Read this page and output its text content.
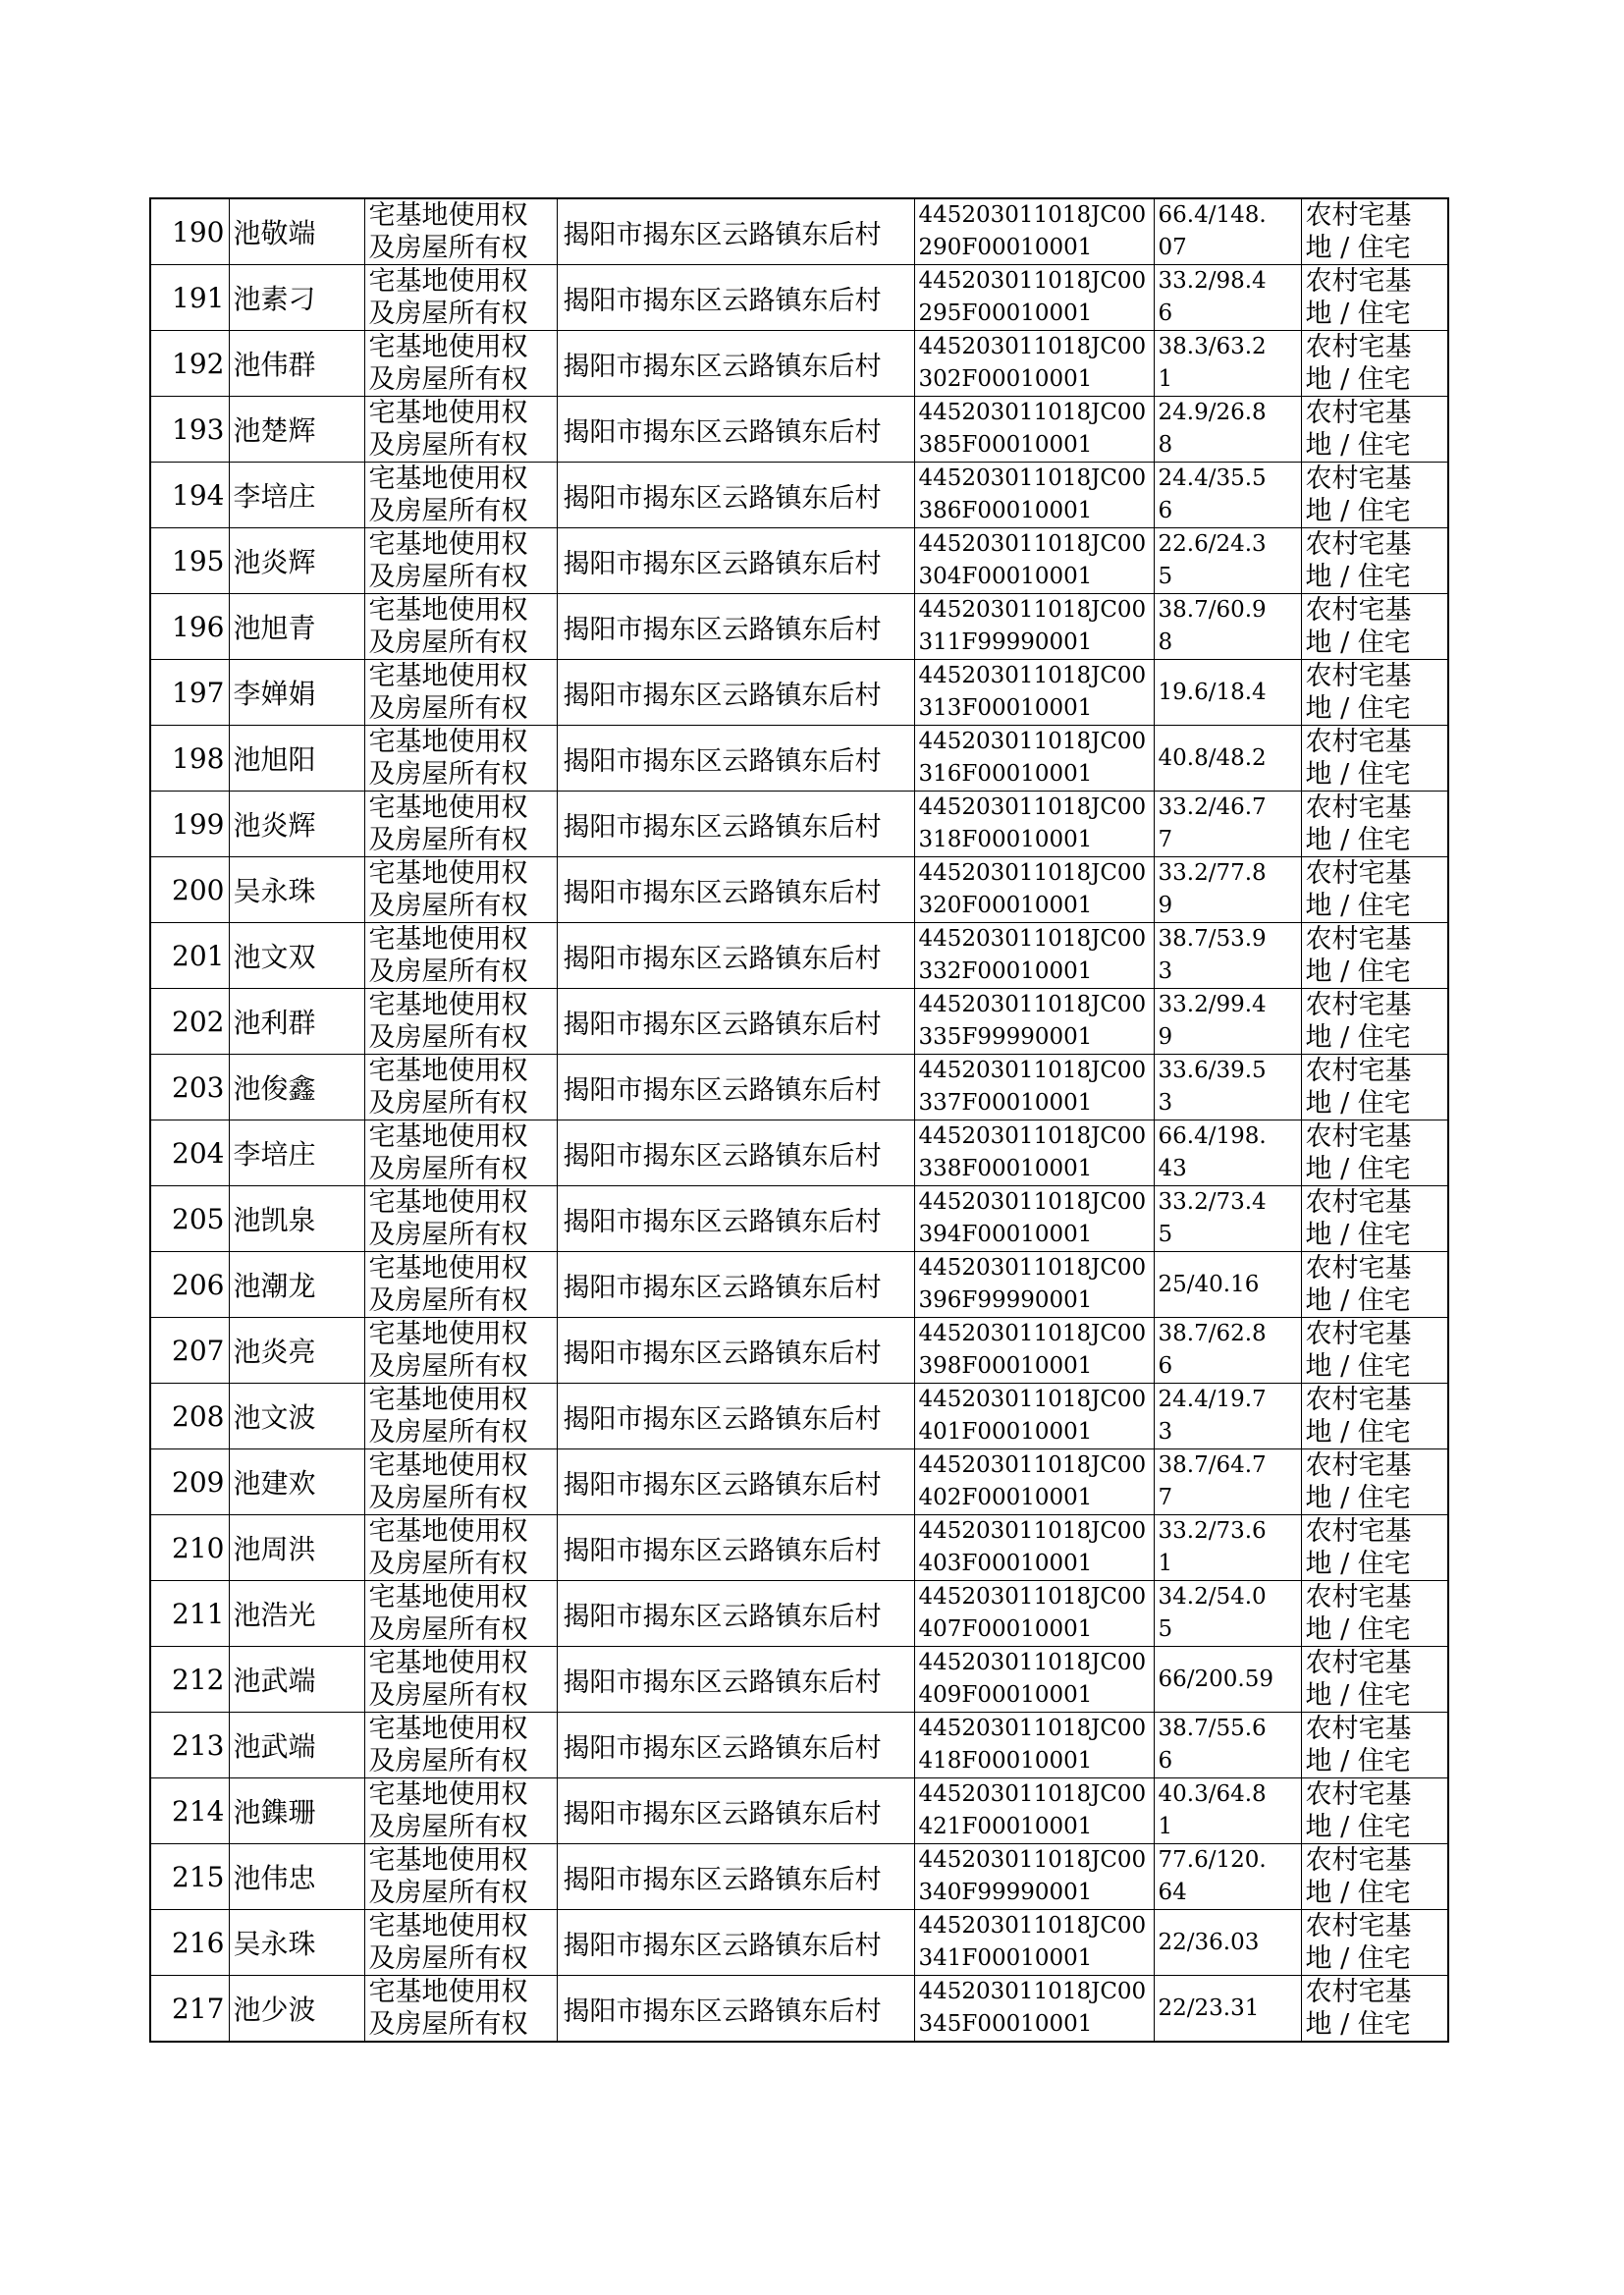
190	池敬端	宅基地使用权
及房屋所有权	揭阳市揭东区云路镇东后村	445203011018JC00
290F00010001	66.4/148.
07	农村宅基
地 / 住宅

191	池素刁	宅基地使用权
及房屋所有权	揭阳市揭东区云路镇东后村	445203011018JC00
295F00010001	33.2/98.4
6	农村宅基
地 / 住宅

192	池伟群	宅基地使用权
及房屋所有权	揭阳市揭东区云路镇东后村	445203011018JC00
302F00010001	38.3/63.2
1	农村宅基
地 / 住宅

193	池楚辉	宅基地使用权
及房屋所有权	揭阳市揭东区云路镇东后村	445203011018JC00
385F00010001	24.9/26.8
8	农村宅基
地 / 住宅

194	李培庄	宅基地使用权
及房屋所有权	揭阳市揭东区云路镇东后村	445203011018JC00
386F00010001	24.4/35.5
6	农村宅基
地 / 住宅

195	池炎辉	宅基地使用权
及房屋所有权	揭阳市揭东区云路镇东后村	445203011018JC00
304F00010001	22.6/24.3
5	农村宅基
地 / 住宅

196	池旭青	宅基地使用权
及房屋所有权	揭阳市揭东区云路镇东后村	445203011018JC00
311F99990001	38.7/60.9
8	农村宅基
地 / 住宅

197	李婵娟	宅基地使用权
及房屋所有权	揭阳市揭东区云路镇东后村	445203011018JC00
313F00010001	19.6/18.4	农村宅基
地 / 住宅

198	池旭阳	宅基地使用权
及房屋所有权	揭阳市揭东区云路镇东后村	445203011018JC00
316F00010001	40.8/48.2	农村宅基
地 / 住宅

199	池炎辉	宅基地使用权
及房屋所有权	揭阳市揭东区云路镇东后村	445203011018JC00
318F00010001	33.2/46.7
7	农村宅基
地 / 住宅

200	吴永珠	宅基地使用权
及房屋所有权	揭阳市揭东区云路镇东后村	445203011018JC00
320F00010001	33.2/77.8
9	农村宅基
地 / 住宅

201	池文双	宅基地使用权
及房屋所有权	揭阳市揭东区云路镇东后村	445203011018JC00
332F00010001	38.7/53.9
3	农村宅基
地 / 住宅

202	池利群	宅基地使用权
及房屋所有权	揭阳市揭东区云路镇东后村	445203011018JC00
335F99990001	33.2/99.4
9	农村宅基
地 / 住宅

203	池俊鑫	宅基地使用权
及房屋所有权	揭阳市揭东区云路镇东后村	445203011018JC00
337F00010001	33.6/39.5
3	农村宅基
地 / 住宅

204	李培庄	宅基地使用权
及房屋所有权	揭阳市揭东区云路镇东后村	445203011018JC00
338F00010001	66.4/198.
43	农村宅基
地 / 住宅

205	池凯泉	宅基地使用权
及房屋所有权	揭阳市揭东区云路镇东后村	445203011018JC00
394F00010001	33.2/73.4
5	农村宅基
地 / 住宅

206	池潮龙	宅基地使用权
及房屋所有权	揭阳市揭东区云路镇东后村	445203011018JC00
396F99990001	25/40.16	农村宅基
地 / 住宅

207	池炎亮	宅基地使用权
及房屋所有权	揭阳市揭东区云路镇东后村	445203011018JC00
398F00010001	38.7/62.8
6	农村宅基
地 / 住宅

208	池文波	宅基地使用权
及房屋所有权	揭阳市揭东区云路镇东后村	445203011018JC00
401F00010001	24.4/19.7
3	农村宅基
地 / 住宅

209	池建欢	宅基地使用权
及房屋所有权	揭阳市揭东区云路镇东后村	445203011018JC00
402F00010001	38.7/64.7
7	农村宅基
地 / 住宅

210	池周洪	宅基地使用权
及房屋所有权	揭阳市揭东区云路镇东后村	445203011018JC00
403F00010001	33.2/73.6
1	农村宅基
地 / 住宅

211	池浩光	宅基地使用权
及房屋所有权	揭阳市揭东区云路镇东后村	445203011018JC00
407F00010001	34.2/54.0
5	农村宅基
地 / 住宅

212	池武端	宅基地使用权
及房屋所有权	揭阳市揭东区云路镇东后村	445203011018JC00
409F00010001	66/200.59	农村宅基
地 / 住宅

213	池武端	宅基地使用权
及房屋所有权	揭阳市揭东区云路镇东后村	445203011018JC00
418F00010001	38.7/55.6
6	农村宅基
地 / 住宅

214	池鏶珊	宅基地使用权
及房屋所有权	揭阳市揭东区云路镇东后村	445203011018JC00
421F00010001	40.3/64.8
1	农村宅基
地 / 住宅

215	池伟忠	宅基地使用权
及房屋所有权	揭阳市揭东区云路镇东后村	445203011018JC00
340F99990001	77.6/120.
64	农村宅基
地 / 住宅

216	吴永珠	宅基地使用权
及房屋所有权	揭阳市揭东区云路镇东后村	445203011018JC00
341F00010001	22/36.03	农村宅基
地 / 住宅

217	池少波	宅基地使用权
及房屋所有权	揭阳市揭东区云路镇东后村	445203011018JC00
345F00010001	22/23.31	农村宅基
地 / 住宅
